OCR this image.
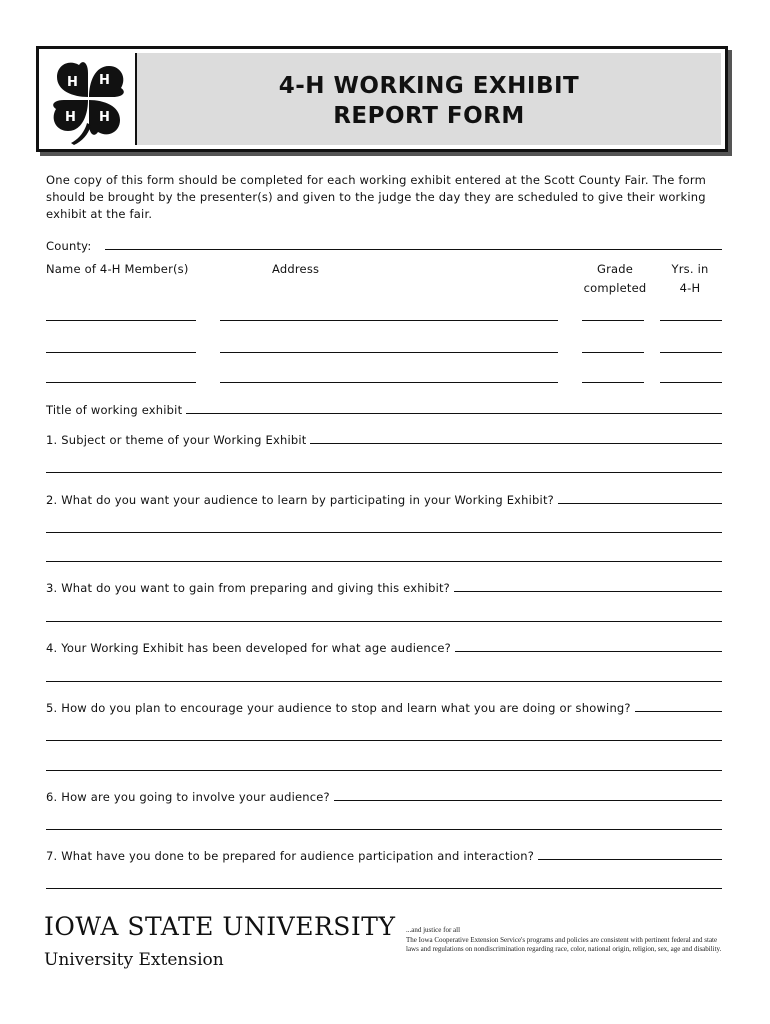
H H
H H
4-H WORKING EXHIBIT
REPORT FORM
One copy of this form should be completed for each working exhibit entered at the Scott County Fair. The form should be brought by the presenter(s) and given to the judge the day they are scheduled to give their working exhibit at the fair.
County:
Name of 4-H Member(s)	Address	Grade
completed
Yrs. in
4-H
Title of working exhibit
1. Subject or theme of your Working Exhibit
2. What do you want your audience to learn by participating in your Working Exhibit?
3. What do you want to gain from preparing and giving this exhibit?
4. Your Working Exhibit has been developed for what age audience?
5. How do you plan to encourage your audience to stop and learn what you are doing or showing?
6. How are you going to involve your audience?
7. What have you done to be prepared for audience participation and interaction?
IOWA STATE UNIVERSITY
University Extension
...and justice for all
The Iowa Cooperative Extension Service's programs and policies are consistent with pertinent federal and state laws and regulations on nondiscrimination regarding race, color, national origin, religion, sex, age and disability.
